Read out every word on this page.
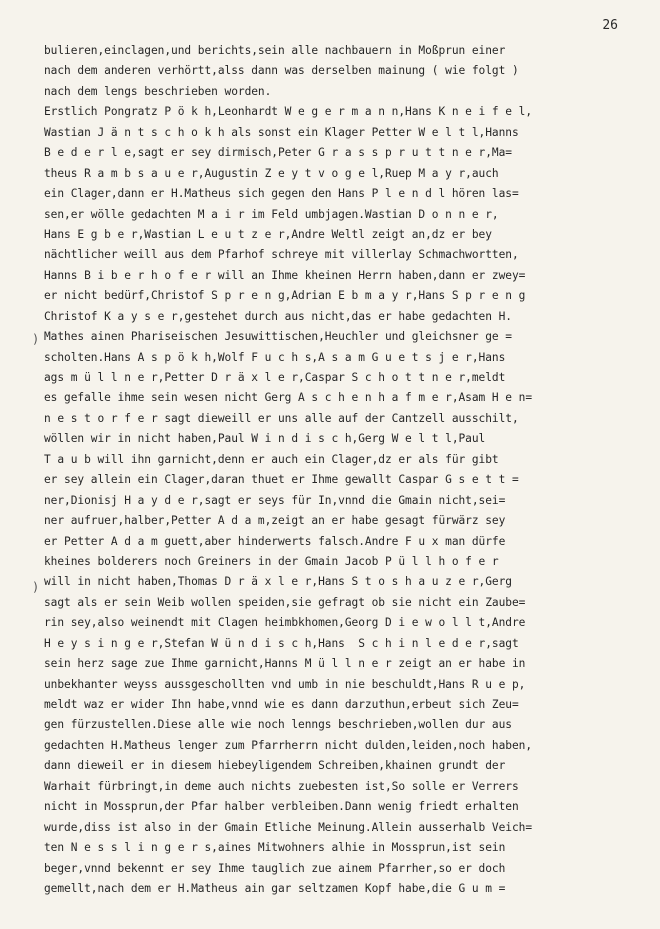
26
)
)
bulieren,einclagen,und berichts,sein alle nachbauern in Moßprun einer
nach dem anderen verhörtt,alss dann was derselben mainung ( wie folgt )
nach dem lengs beschrieben worden.
Erstlich Pongratz P ö k h,Leonhardt W e g e r m a n n,Hans K n e i f e l,
Wastian J ä n t s c h o k h als sonst ein Klager Petter W e l t l,Hanns
B e d e r l e,sagt er sey dirmisch,Peter G r a s s p r u t t n e r,Ma=
theus R a m b s a u e r,Augustin Z e y t v o g e l,Ruep M a y r,auch
ein Clager,dann er H.Matheus sich gegen den Hans P l e n d l hören las=
sen,er wölle gedachten M a i r im Feld umbjagen.Wastian D o n n e r,
Hans E g b e r,Wastian L e u t z e r,Andre Weltl zeigt an,dz er bey
nächtlicher weill aus dem Pfarhof schreye mit villerlay Schmachwortten,
Hanns B i b e r h o f e r will an Ihme kheinen Herrn haben,dann er zwey=
er nicht bedürf,Christof S p r e n g,Adrian E b m a y r,Hans S p r e n g
Christof K a y s e r,gestehet durch aus nicht,das er habe gedachten H.
Mathes ainen Phariseischen Jesuwittischen,Heuchler und gleichsner ge =
scholten.Hans A s p ö k h,Wolf F u c h s,A s a m G u e t s j e r,Hans
ags m ü l l n e r,Petter D r ä x l e r,Caspar S c h o t t n e r,meldt
es gefalle ihme sein wesen nicht Gerg A s c h e n h a f m e r,Asam H e n=
n e s t o r f e r sagt dieweill er uns alle auf der Cantzell ausschilt,
wöllen wir in nicht haben,Paul W i n d i s c h,Gerg W e l t l,Paul
T a u b will ihn garnicht,denn er auch ein Clager,dz er als für gibt
er sey allein ein Clager,daran thuet er Ihme gewallt Caspar G s e t t =
ner,Dionisj H a y d e r,sagt er seys für In,vnnd die Gmain nicht,sei=
ner aufruer,halber,Petter A d a m,zeigt an er habe gesagt fürwärz sey
er Petter A d a m guett,aber hinderwerts falsch.Andre F u x man dürfe
kheines bolderers noch Greiners in der Gmain Jacob P ü l l h o f e r
will in nicht haben,Thomas D r ä x l e r,Hans S t o s h a u z e r,Gerg
sagt als er sein Weib wollen speiden,sie gefragt ob sie nicht ein Zaube=
rin sey,also weinendt mit Clagen heimbkhomen,Georg D i e w o l l t,Andre
H e y s i n g e r,Stefan W ü n d i s c h,Hans  S c h i n l e d e r,sagt
sein herz sage zue Ihme garnicht,Hanns M ü l l n e r zeigt an er habe in
unbekhanter weyss aussgeschollten vnd umb in nie beschuldt,Hans R u e p,
meldt waz er wider Ihn habe,vnnd wie es dann darzuthun,erbeut sich Zeu=
gen fürzustellen.Diese alle wie noch lenngs beschrieben,wollen dur aus
gedachten H.Matheus lenger zum Pfarrherrn nicht dulden,leiden,noch haben,
dann dieweil er in diesem hiebeyligendem Schreiben,khainen grundt der
Warhait fürbringt,in deme auch nichts zuebesten ist,So solle er Verrers
nicht in Mossprun,der Pfar halber verbleiben.Dann wenig friedt erhalten
wurde,diss ist also in der Gmain Etliche Meinung.Allein ausserhalb Veich=
ten N e s s l i n g e r s,aines Mitwohners alhie in Mossprun,ist sein
beger,vnnd bekennt er sey Ihme tauglich zue ainem Pfarrher,so er doch
gemellt,nach dem er H.Matheus ain gar seltzamen Kopf habe,die G u m =
